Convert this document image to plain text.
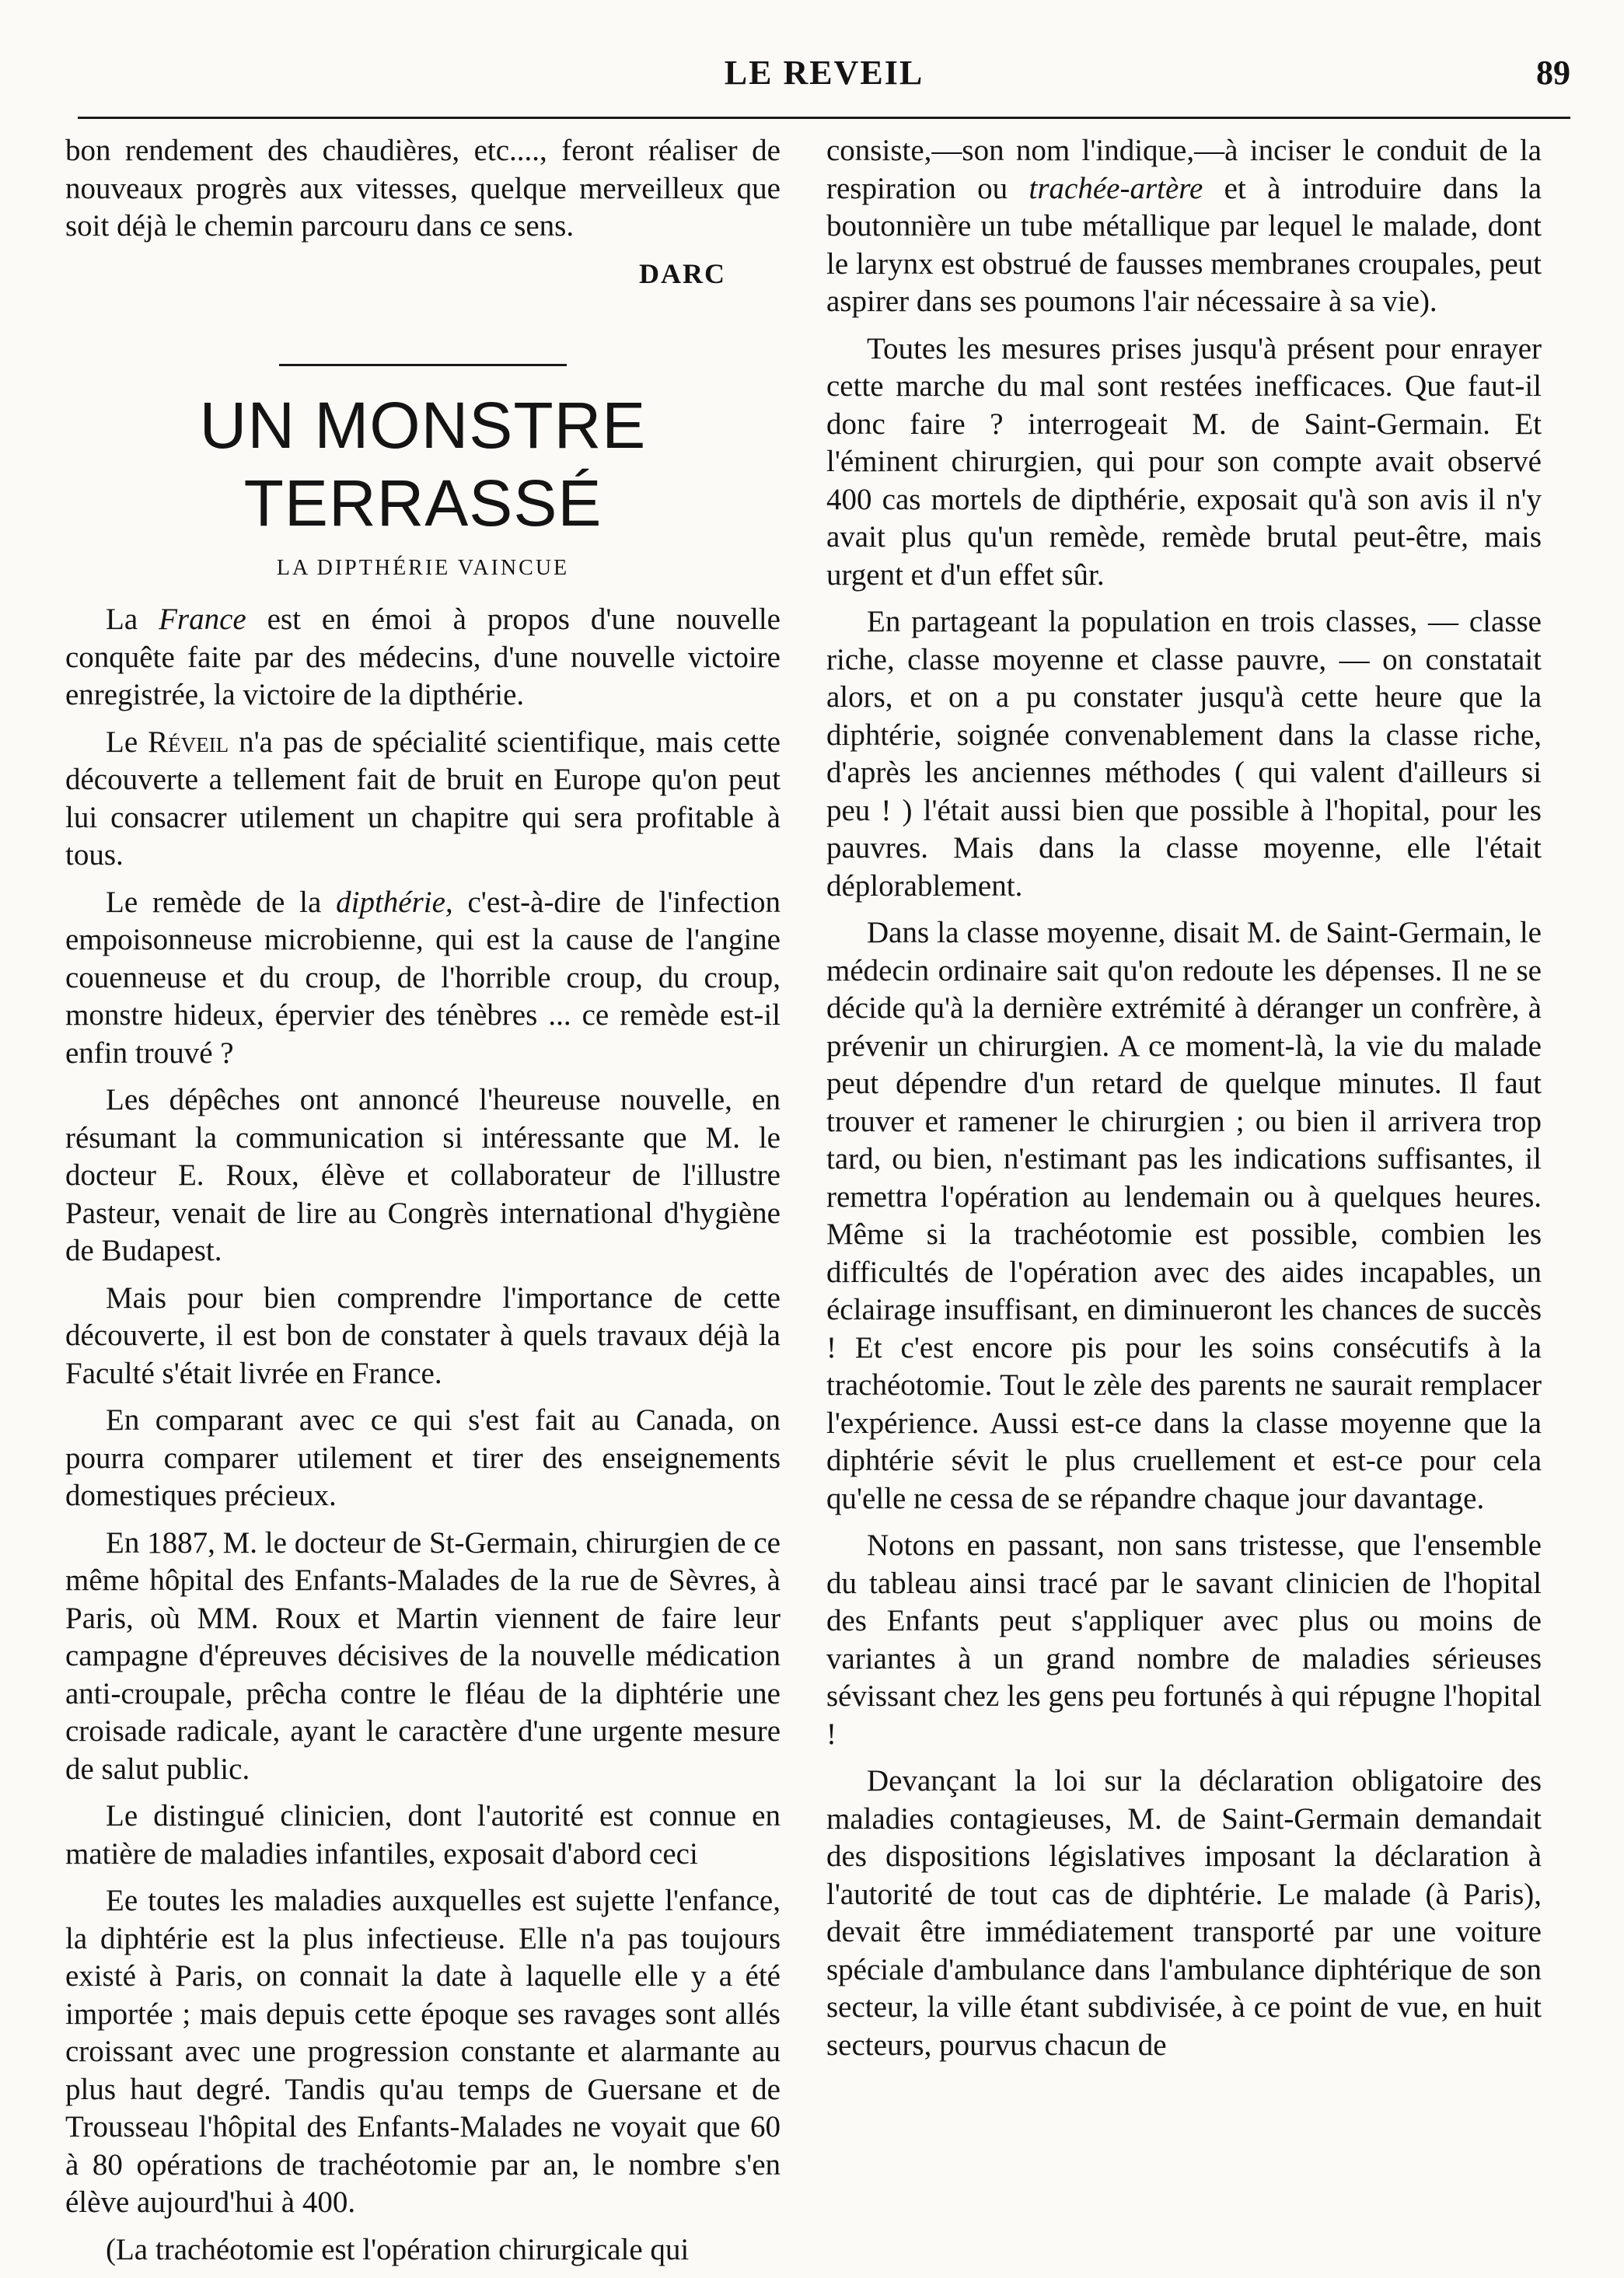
LE REVEIL	89

bon rendement des chaudières, etc...., feront réaliser de nouveaux progrès aux vitesses, quelque merveilleux que soit déjà le chemin parcouru dans ce sens.

DARC
UN MONSTRE TERRASSÉ
LA DIPTHÉRIE VAINCUE

La France est en émoi à propos d'une nouvelle conquête faite par des médecins, d'une nouvelle victoire enregistrée, la victoire de la dipthérie.

Le Réveil n'a pas de spécialité scientifique, mais cette découverte a tellement fait de bruit en Europe qu'on peut lui consacrer utilement un chapitre qui sera profitable à tous.

Le remède de la dipthérie, c'est-à-dire de l'infection empoisonneuse microbienne, qui est la cause de l'angine couenneuse et du croup, de l'horrible croup, du croup, monstre hideux, épervier des ténèbres ... ce remède est-il enfin trouvé ?

Les dépêches ont annoncé l'heureuse nouvelle, en résumant la communication si intéressante que M. le docteur E. Roux, élève et collaborateur de l'illustre Pasteur, venait de lire au Congrès international d'hygiène de Budapest.

Mais pour bien comprendre l'importance de cette découverte, il est bon de constater à quels travaux déjà la Faculté s'était livrée en France.

En comparant avec ce qui s'est fait au Canada, on pourra comparer utilement et tirer des enseignements domestiques précieux.

En 1887, M. le docteur de St-Germain, chirurgien de ce même hôpital des Enfants-Malades de la rue de Sèvres, à Paris, où MM. Roux et Martin viennent de faire leur campagne d'épreuves décisives de la nouvelle médication anti-croupale, prêcha contre le fléau de la diphtérie une croisade radicale, ayant le caractère d'une urgente mesure de salut public.

Le distingué clinicien, dont l'autorité est connue en matière de maladies infantiles, exposait d'abord ceci

Ee toutes les maladies auxquelles est sujette l'enfance, la diphtérie est la plus infectieuse. Elle n'a pas toujours existé à Paris, on connait la date à laquelle elle y a été importée ; mais depuis cette époque ses ravages sont allés croissant avec une progression constante et alarmante au plus haut degré. Tandis qu'au temps de Guersane et de Trousseau l'hôpital des Enfants-Malades ne voyait que 60 à 80 opérations de trachéotomie par an, le nombre s'en élève aujourd'hui à 400.

(La trachéotomie est l'opération chirurgicale qui

consiste,—son nom l'indique,—à inciser le conduit de la respiration ou trachée-artère et à introduire dans la boutonnière un tube métallique par lequel le malade, dont le larynx est obstrué de fausses membranes croupales, peut aspirer dans ses poumons l'air nécessaire à sa vie).

Toutes les mesures prises jusqu'à présent pour enrayer cette marche du mal sont restées inefficaces. Que faut-il donc faire ? interrogeait M. de Saint-Germain. Et l'éminent chirurgien, qui pour son compte avait observé 400 cas mortels de dipthérie, exposait qu'à son avis il n'y avait plus qu'un remède, remède brutal peut-être, mais urgent et d'un effet sûr.

En partageant la population en trois classes, — classe riche, classe moyenne et classe pauvre, — on constatait alors, et on a pu constater jusqu'à cette heure que la diphtérie, soignée convenablement dans la classe riche, d'après les anciennes méthodes ( qui valent d'ailleurs si peu ! ) l'était aussi bien que possible à l'hopital, pour les pauvres. Mais dans la classe moyenne, elle l'était déplorablement.

Dans la classe moyenne, disait M. de Saint-Germain, le médecin ordinaire sait qu'on redoute les dépenses. Il ne se décide qu'à la dernière extrémité à déranger un confrère, à prévenir un chirurgien. A ce moment-là, la vie du malade peut dépendre d'un retard de quelque minutes. Il faut trouver et ramener le chirurgien ; ou bien il arrivera trop tard, ou bien, n'estimant pas les indications suffisantes, il remettra l'opération au lendemain ou à quelques heures. Même si la trachéotomie est possible, combien les difficultés de l'opération avec des aides incapables, un éclairage insuffisant, en diminueront les chances de succès ! Et c'est encore pis pour les soins consécutifs à la trachéotomie. Tout le zèle des parents ne saurait remplacer l'expérience. Aussi est-ce dans la classe moyenne que la diphtérie sévit le plus cruellement et est-ce pour cela qu'elle ne cessa de se répandre chaque jour davantage.

Notons en passant, non sans tristesse, que l'ensemble du tableau ainsi tracé par le savant clinicien de l'hopital des Enfants peut s'appliquer avec plus ou moins de variantes à un grand nombre de maladies sérieuses sévissant chez les gens peu fortunés à qui répugne l'hopital !

Devançant la loi sur la déclaration obligatoire des maladies contagieuses, M. de Saint-Germain demandait des dispositions législatives imposant la déclaration à l'autorité de tout cas de diphtérie. Le malade (à Paris), devait être immédiatement transporté par une voiture spéciale d'ambulance dans l'ambulance diphtérique de son secteur, la ville étant subdivisée, à ce point de vue, en huit secteurs, pourvus chacun de
